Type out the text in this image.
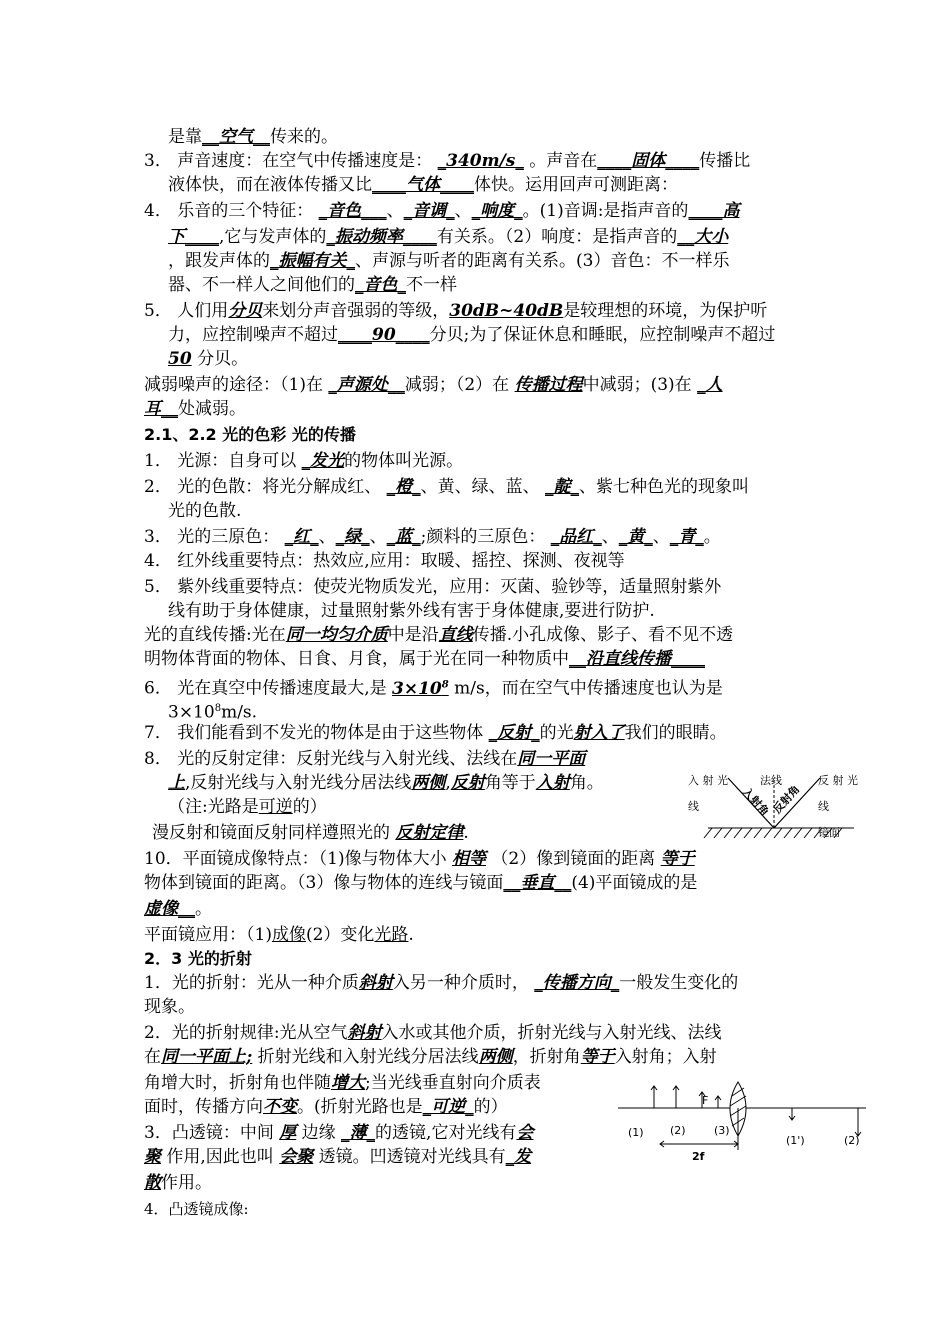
是靠__空气__传来的。
3． 声音速度：在空气中传播速度是： _340m/s_ 。声音在____固体____传播比
液体快，而在液体传播又比____气体____体快。运用回声可测距离：
4． 乐音的三个特征： _音色___、_音调_、_响度_。(1)音调:是指声音的____高
下____,它与发声体的_振动频率____有关系。（2）响度：是指声音的__大小
，跟发声体的_振幅有关_、声源与听者的距离有关系。(3）音色：不一样乐
器、不一样人之间他们的_音色_不一样
5． 人们用分贝来划分声音强弱的等级，30dB~40dB是较理想的环境，为保护听
力，应控制噪声不超过____90____分贝;为了保证休息和睡眠，应控制噪声不超过
50 分贝。
减弱噪声的途径：（1)在 _声源处__减弱；（2）在 传播过程中减弱；(3)在 _人
耳__处减弱。
2.1、2.2 光的色彩 光的传播
1． 光源：自身可以 _发光的物体叫光源。
2． 光的色散：将光分解成红、 _橙_、黄、绿、蓝、 _靛_、紫七种色光的现象叫
光的色散.
3． 光的三原色： _红_、_绿_、_蓝_;颜料的三原色： _品红_、_黄_、_青_。
4． 红外线重要特点：热效应,应用：取暖、摇控、探测、夜视等
5． 紫外线重要特点：使荧光物质发光，应用：灭菌、验钞等，适量照射紫外
线有助于身体健康，过量照射紫外线有害于身体健康,要进行防护.
光的直线传播:光在同一均匀介质中是沿直线传播.小孔成像、影子、看不见不透
明物体背面的物体、日食、月食，属于光在同一种物质中__沿直线传播____
6． 光在真空中传播速度最大,是 $3\times 10^8$ m/s，而在空气中传播速度也认为是
$3\times 10^8m/s$.
7． 我们能看到不发光的物体是由于这些物体 _反射_的光射入了我们的眼睛。
8． 光的反射定律：反射光线与入射光线、法线在同一平面
上,反射光线与入射光线分居法线两侧,反射角等于入射角。
（注:光路是可逆的）
漫反射和镜面反射同样遵照光的 反射定律.
10．平面镜成像特点：（1)像与物体大小 相等 （2）像到镜面的距离 等于
物体到镜面的距离。（3）像与物体的连线与镜面__垂直__(4)平面镜成的是
虚像__。
平面镜应用：（1)成像(2）变化光路.
2．3 光的折射
1．光的折射：光从一种介质斜射入另一种介质时， _传播方向_一般发生变化的
现象。
2．光的折射规律:光从空气斜射入水或其他介质，折射光线与入射光线、法线
在同一平面上; 折射光线和入射光线分居法线两侧，折射角等于入射角；入射
角增大时，折射角也伴随增大;当光线垂直射向介质表
面时，传播方向不变。(折射光路也是_可逆_的）
3．凸透镜：中间 厚 边缘 _薄_的透镜,它对光线有会
聚 作用,因此也叫 会聚 透镜。凹透镜对光线具有_发
散作用。
4．凸透镜成像:
入 射 光
线
法线	反 射 光
线
入射角 反射角
镜面
F
2f
(1) (2)	(3)
(1')	(2)
